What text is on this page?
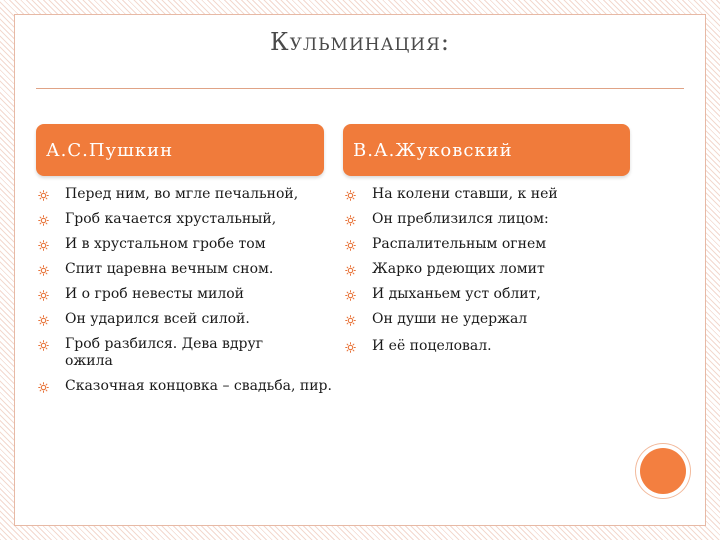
Кульминация:
А.С.Пушкин	В.А.Жуковский
Перед ним, во мгле печальной,
Гроб качается хрустальный,
И в хрустальном гробе том
Спит царевна вечным сном.
И о гроб невесты милой
Он ударился всей силой.
Гроб разбился. Дева вдруг ожила
Сказочная концовка – свадьба, пир.
На колени ставши, к ней
Он преблизился лицом:
Распалительным огнем
Жарко рдеющих ломит
И дыханьем уст облит,
Он души не удержал
И её поцеловал.
